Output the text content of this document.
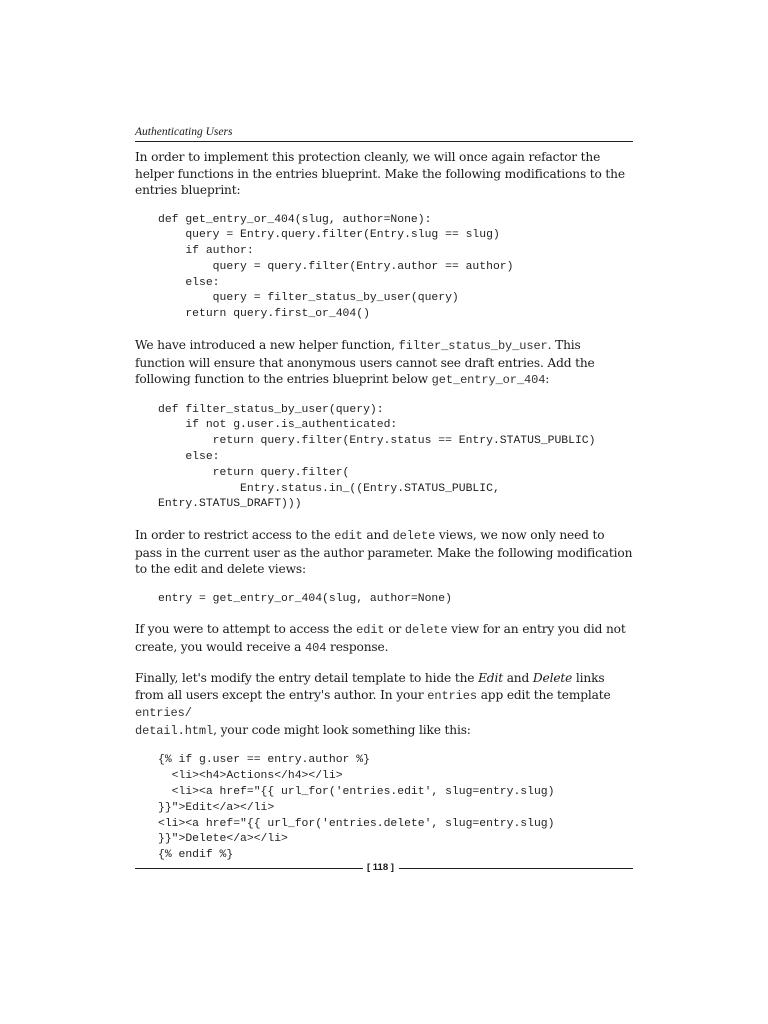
Authenticating Users

In order to implement this protection cleanly, we will once again refactor the helper functions in the entries blueprint. Make the following modifications to the entries blueprint:

def get_entry_or_404(slug, author=None):
query = Entry.query.filter(Entry.slug == slug)
if author:
query = query.filter(Entry.author == author)
else:
query = filter_status_by_user(query)
return query.first_or_404()

We have introduced a new helper function, filter_status_by_user. This function will ensure that anonymous users cannot see draft entries. Add the following function to the entries blueprint below get_entry_or_404:

def filter_status_by_user(query):
if not g.user.is_authenticated:
return query.filter(Entry.status == Entry.STATUS_PUBLIC)
else:
return query.filter(
Entry.status.in_((Entry.STATUS_PUBLIC,
Entry.STATUS_DRAFT)))

In order to restrict access to the edit and delete views, we now only need to pass in the current user as the author parameter. Make the following modification to the edit and delete views:

entry = get_entry_or_404(slug, author=None)

If you were to attempt to access the edit or delete view for an entry you did not create, you would receive a 404 response.

Finally, let's modify the entry detail template to hide the Edit and Delete links from all users except the entry's author. In your entries app edit the template entries/
detail.html, your code might look something like this:

{% if g.user == entry.author %}
<li><h4>Actions</h4></li>
<li><a href="{{ url_for('entries.edit', slug=entry.slug)
}}">Edit</a></li>
<li><a href="{{ url_for('entries.delete', slug=entry.slug)
}}">Delete</a></li>
{% endif %}
[ 118 ]
